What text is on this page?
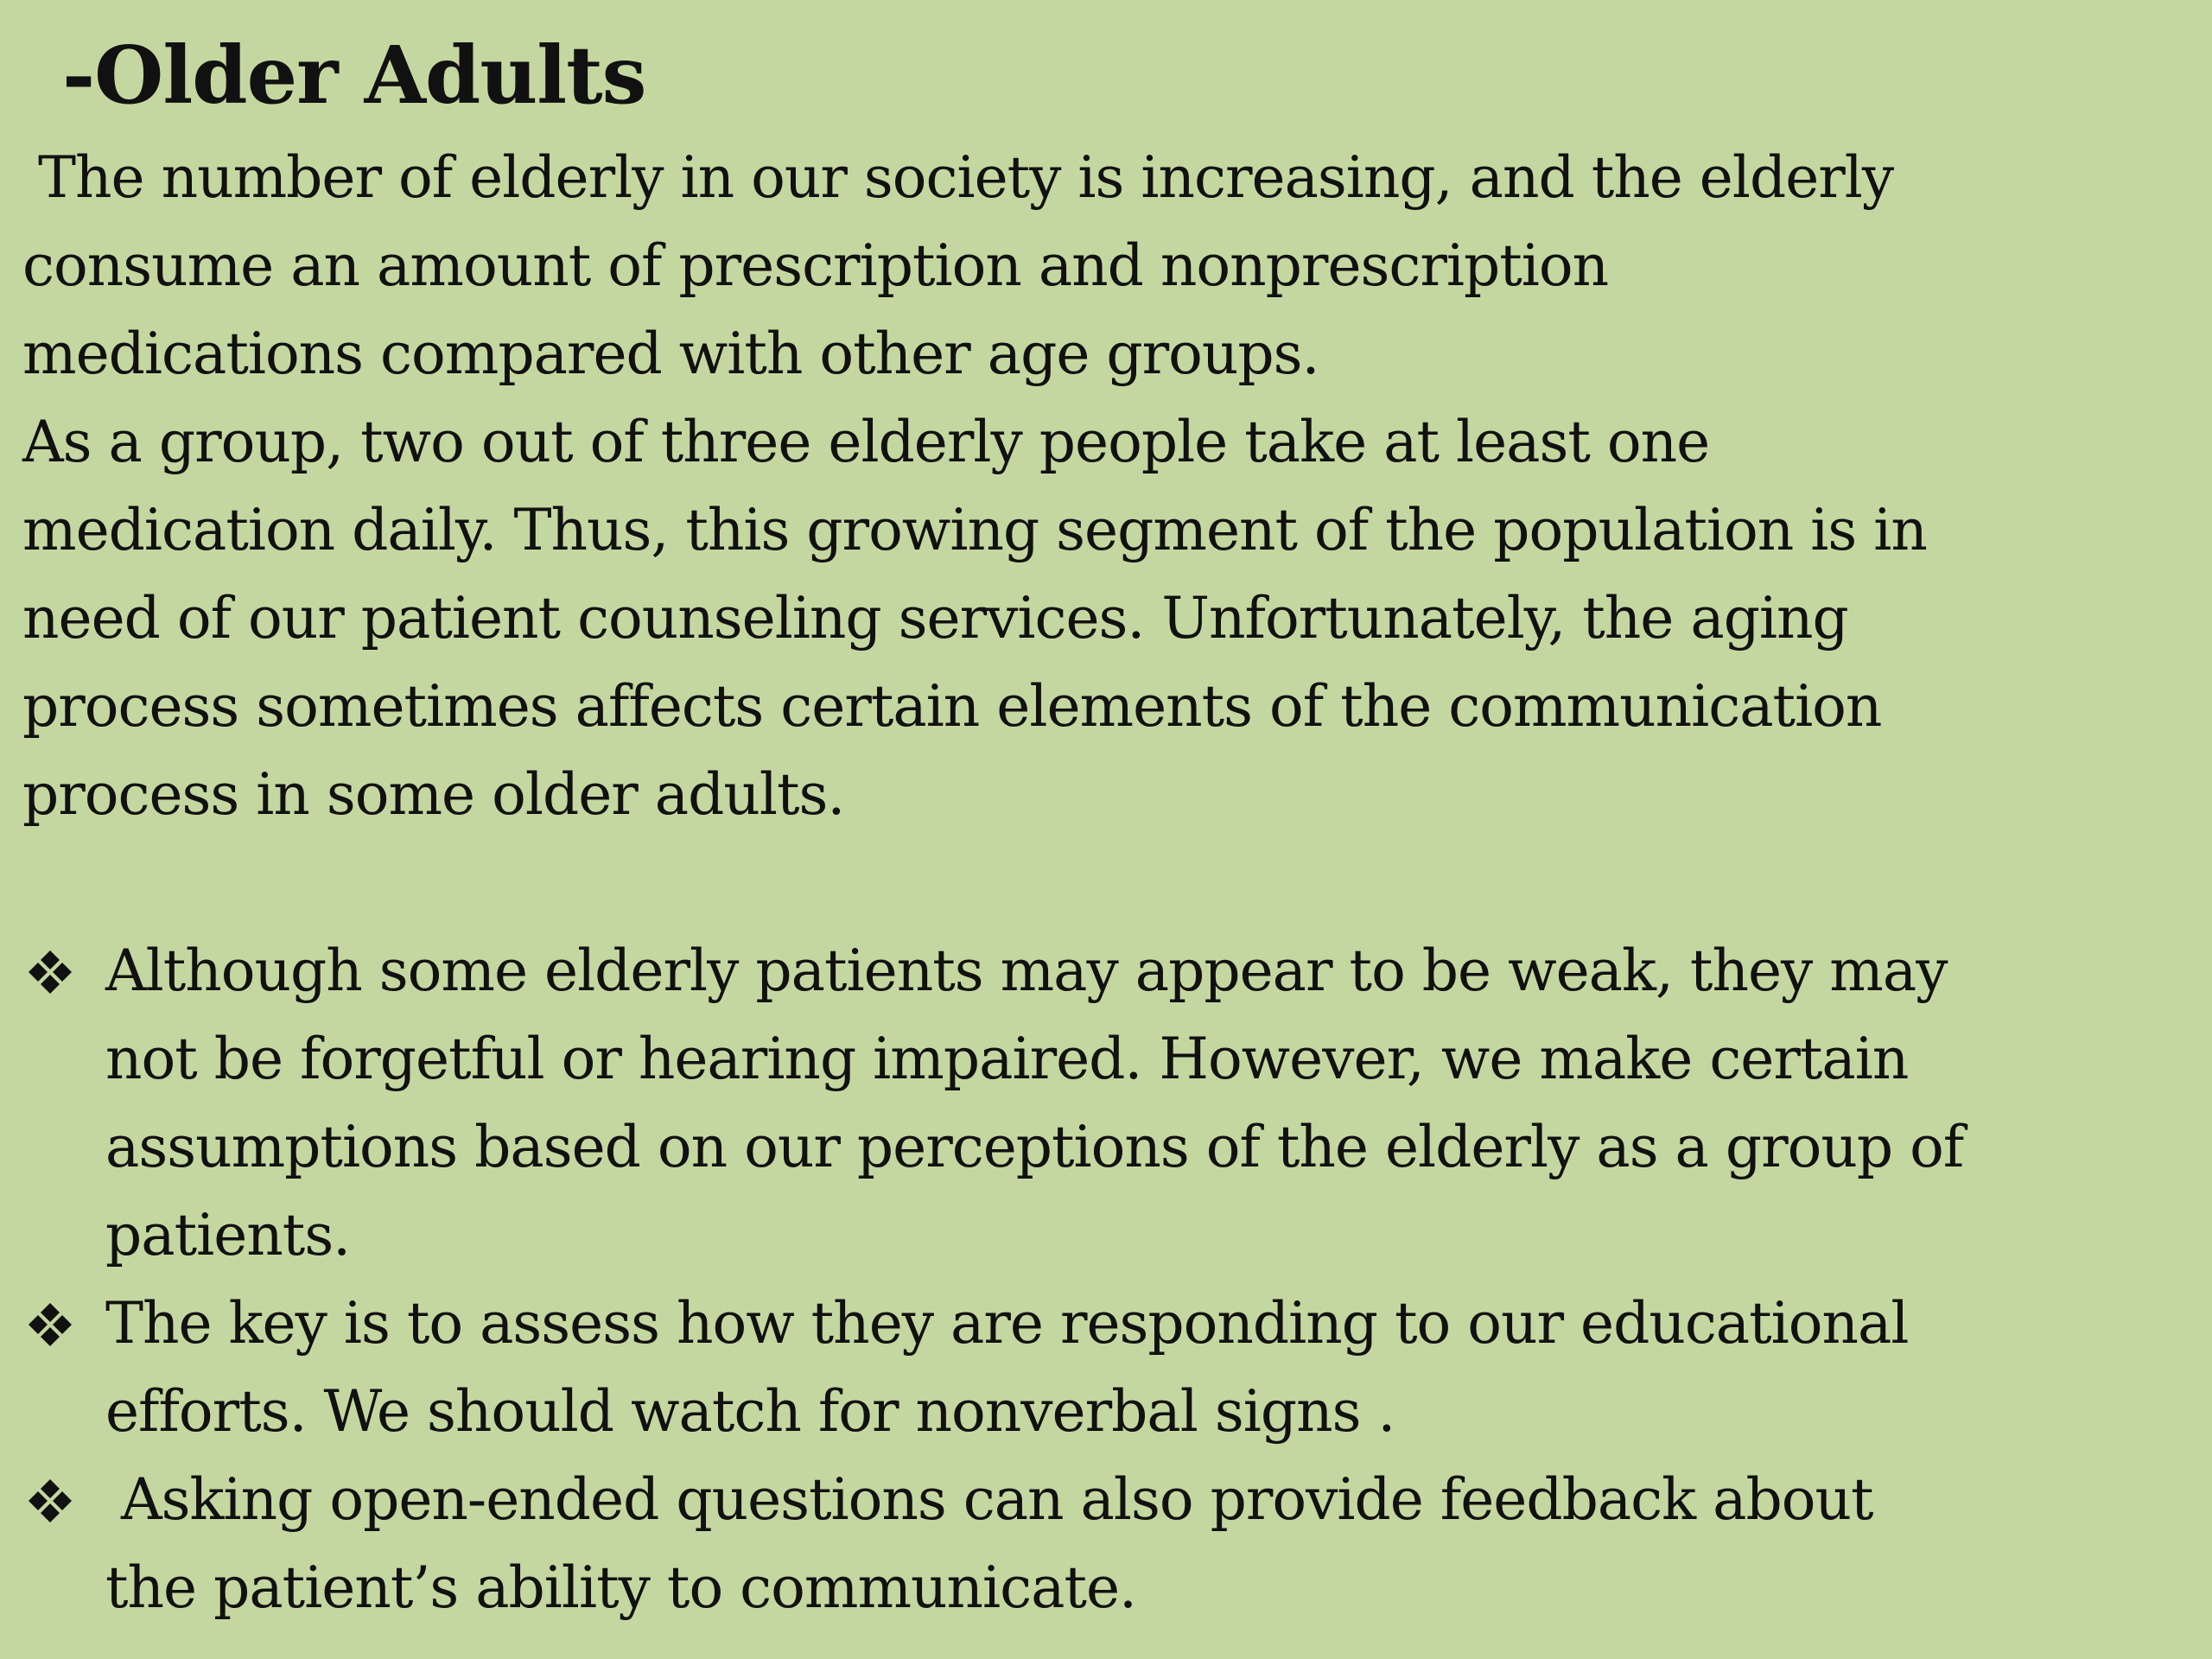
-Older Adults
The number of elderly in our society is increasing, and the elderly
consume an amount of prescription and nonprescription
medications compared with other age groups.
As a group, two out of three elderly people take at least one
medication daily. Thus, this growing segment of the population is in
need of our patient counseling services. Unfortunately, the aging
process sometimes affects certain elements of the communication
process in some older adults.
Although some elderly patients may appear to be weak, they may
not be forgetful or hearing impaired. However, we make certain
assumptions based on our perceptions of the elderly as a group of
patients.
The key is to assess how they are responding to our educational
efforts. We should watch for nonverbal signs .
Asking open-ended questions can also provide feedback about
the patient’s ability to communicate.
